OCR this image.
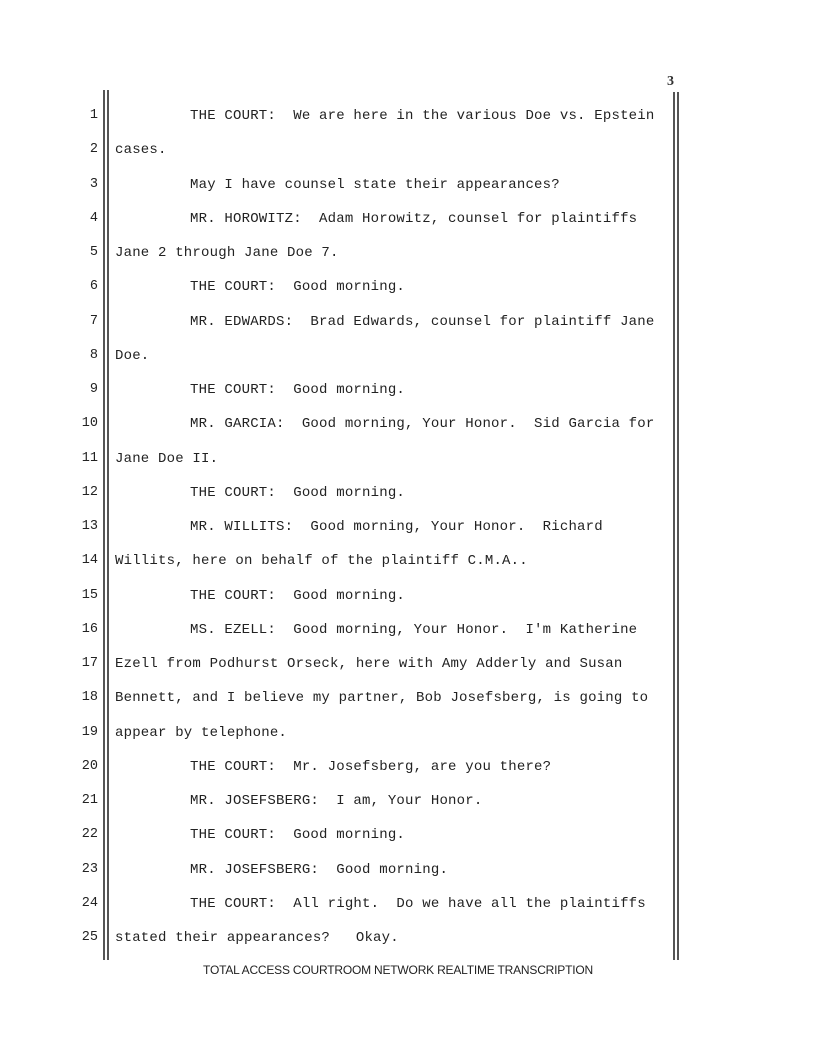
3
1	THE COURT:  We are here in the various Doe vs. Epstein
2 cases.
3	May I have counsel state their appearances?
4	MR. HOROWITZ:  Adam Horowitz, counsel for plaintiffs
5 Jane 2 through Jane Doe 7.
6	THE COURT:  Good morning.
7	MR. EDWARDS:  Brad Edwards, counsel for plaintiff Jane
8 Doe.
9	THE COURT:  Good morning.
10	MR. GARCIA:  Good morning, Your Honor.  Sid Garcia for
11 Jane Doe II.
12	THE COURT:  Good morning.
13	MR. WILLITS:  Good morning, Your Honor.  Richard
14 Willits, here on behalf of the plaintiff C.M.A..
15	THE COURT:  Good morning.
16	MS. EZELL:  Good morning, Your Honor.  I'm Katherine
17 Ezell from Podhurst Orseck, here with Amy Adderly and Susan
18 Bennett, and I believe my partner, Bob Josefsberg, is going to
19 appear by telephone.
20	THE COURT:  Mr. Josefsberg, are you there?
21	MR. JOSEFSBERG:  I am, Your Honor.
22	THE COURT:  Good morning.
23	MR. JOSEFSBERG:  Good morning.
24	THE COURT:  All right.  Do we have all the plaintiffs
25 stated their appearances?   Okay.
TOTAL ACCESS COURTROOM NETWORK REALTIME TRANSCRIPTION
